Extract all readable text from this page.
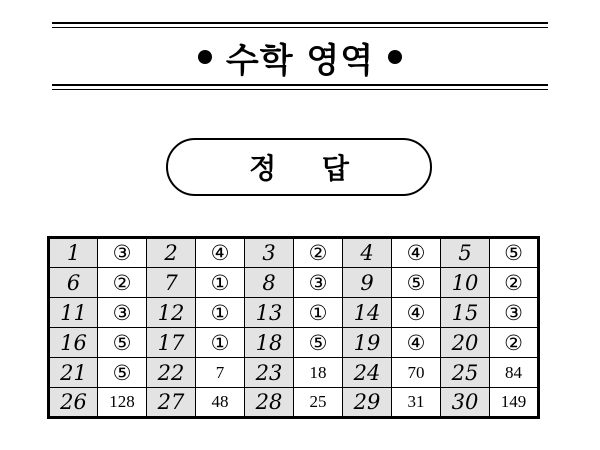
수학 영역
정 답
1	③	2	④	3	②	4	④	5	⑤
6	②	7	①	8	③	9	⑤	10	②
11	③	12	①	13	①	14	④	15	③
16	⑤	17	①	18	⑤	19	④	20	②
21	⑤	22	7	23	18	24	70	25	84
26	128	27	48	28	25	29	31	30	149
